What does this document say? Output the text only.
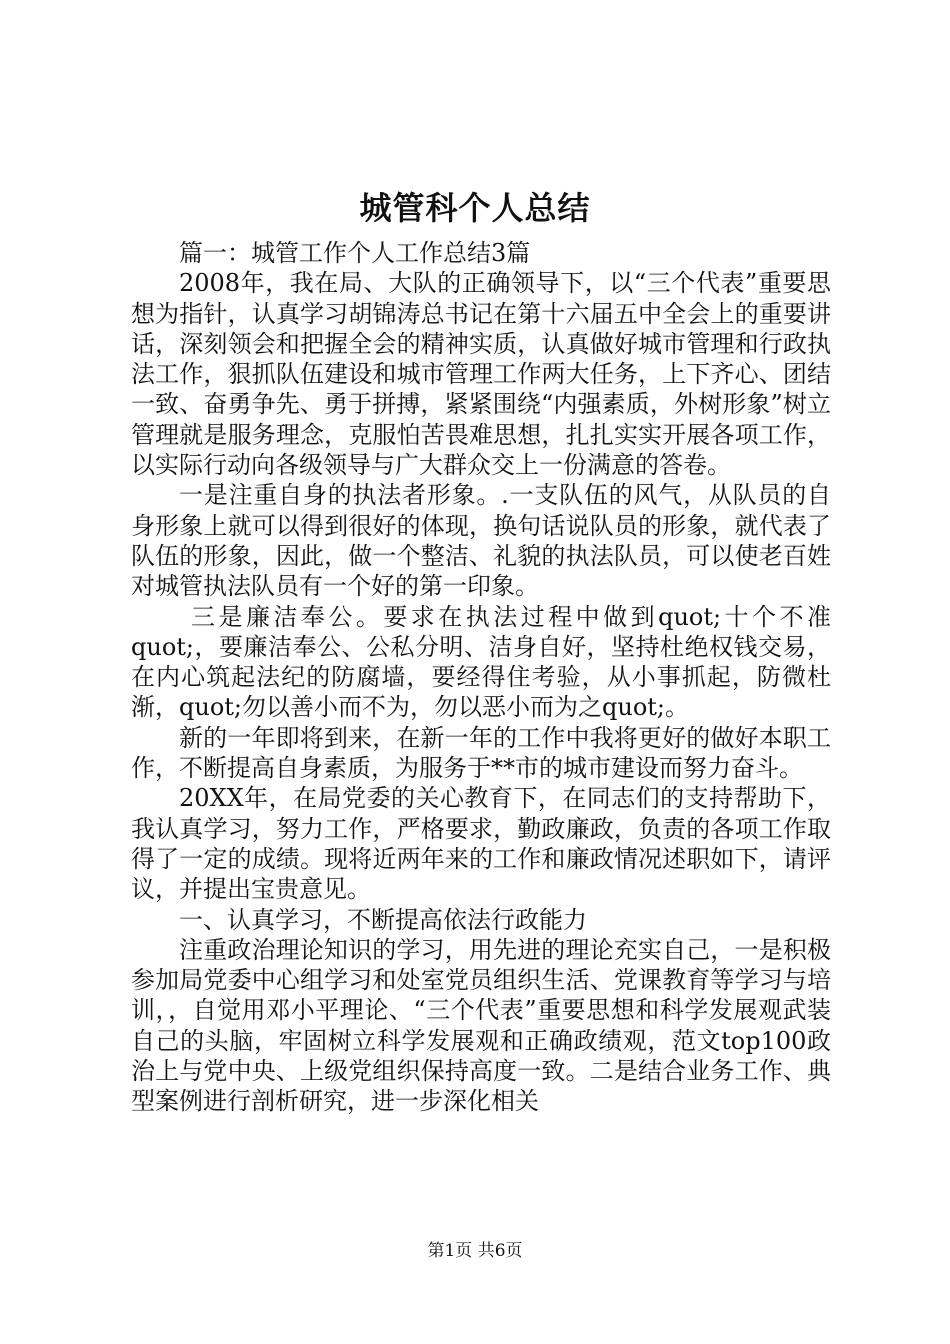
城管科个人总结

篇一：城管工作个人工作总结3篇

2008年，我在局、大队的正确领导下，以“三个代表”重要思想为指针，认真学习胡锦涛总书记在第十六届五中全会上的重要讲话，深刻领会和把握全会的精神实质，认真做好城市管理和行政执法工作，狠抓队伍建设和城市管理工作两大任务，上下齐心、团结一致、奋勇争先、勇于拼搏，紧紧围绕“内强素质，外树形象”树立管理就是服务理念，克服怕苦畏难思想，扎扎实实开展各项工作，以实际行动向各级领导与广大群众交上一份满意的答卷。

一是注重自身的执法者形象。.一支队伍的风气，从队员的自身形象上就可以得到很好的体现，换句话说队员的形象，就代表了队伍的形象，因此，做一个整洁、礼貌的执法队员，可以使老百姓对城管执法队员有一个好的第一印象。

三是廉洁奉公。要求在执法过程中做到quot;十个不准quot;，要廉洁奉公、公私分明、洁身自好，坚持杜绝权钱交易，在内心筑起法纪的防腐墙，要经得住考验，从小事抓起，防微杜渐，quot;勿以善小而不为，勿以恶小而为之quot;。

新的一年即将到来，在新一年的工作中我将更好的做好本职工作，不断提高自身素质，为服务于**市的城市建设而努力奋斗。

20XX年，在局党委的关心教育下，在同志们的支持帮助下，我认真学习，努力工作，严格要求，勤政廉政，负责的各项工作取得了一定的成绩。现将近两年来的工作和廉政情况述职如下，请评议，并提出宝贵意见。

一、认真学习，不断提高依法行政能力

注重政治理论知识的学习，用先进的理论充实自己，一是积极参加局党委中心组学习和处室党员组织生活、党课教育等学习与培训，，自觉用邓小平理论、“三个代表”重要思想和科学发展观武装自己的头脑，牢固树立科学发展观和正确政绩观，范文top100政治上与党中央、上级党组织保持高度一致。二是结合业务工作、典型案例进行剖析研究，进一步深化相关

第1页 共6页
